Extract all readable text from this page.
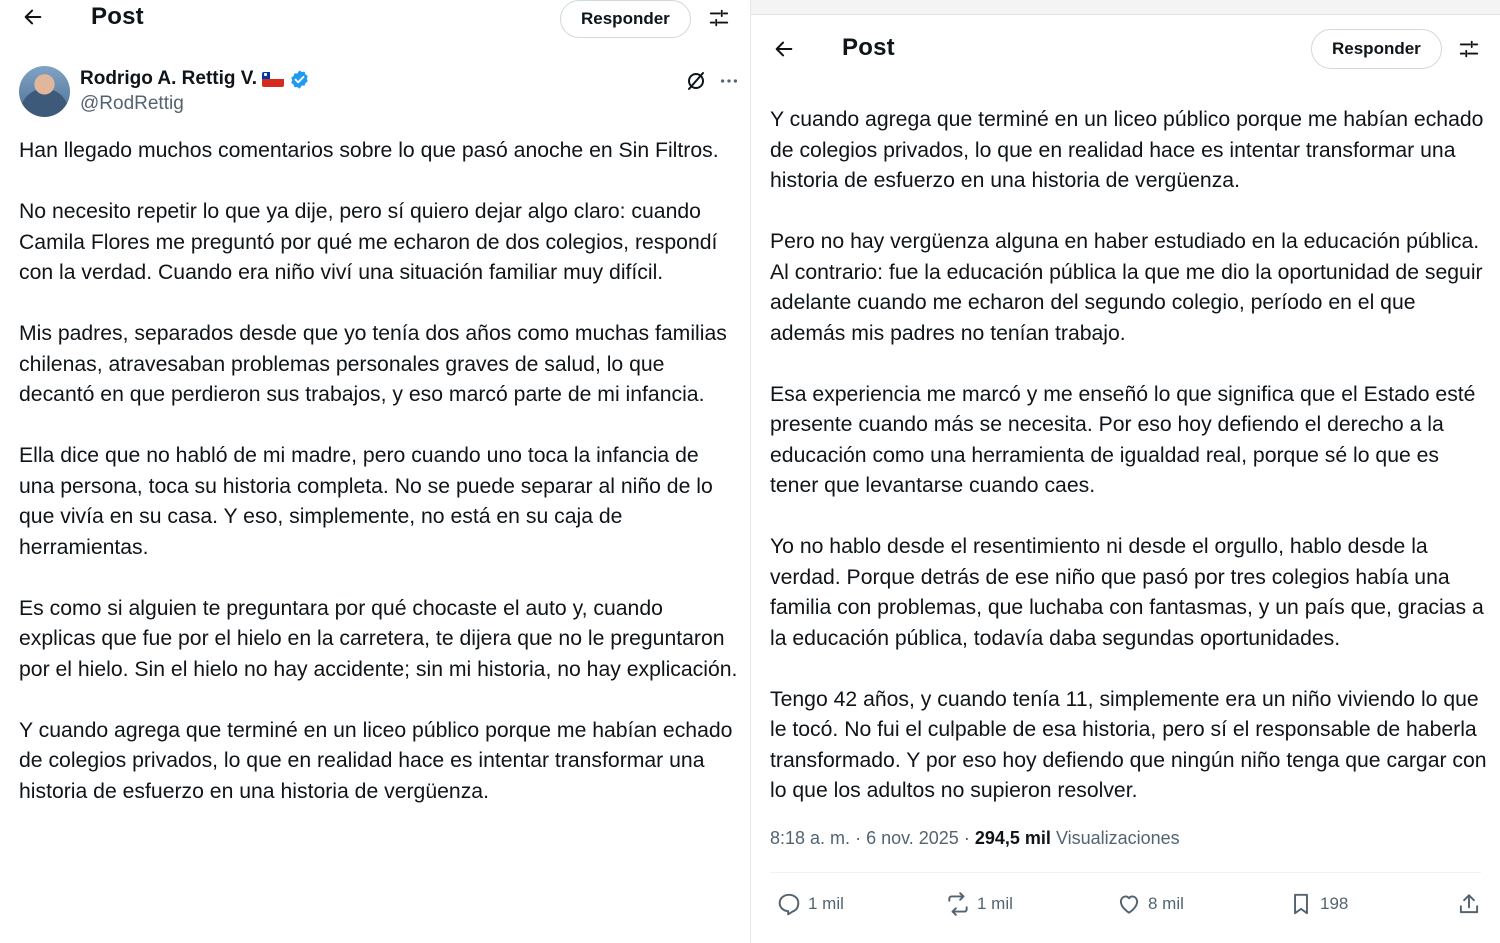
Post	Responder
Rodrigo A. Rettig V.
@RodRettig

Han llegado muchos comentarios sobre lo que pasó anoche en Sin Filtros.

No necesito repetir lo que ya dije, pero sí quiero dejar algo claro: cuando Camila Flores me preguntó por qué me echaron de dos colegios, respondí con la verdad. Cuando era niño viví una situación familiar muy difícil.

Mis padres, separados desde que yo tenía dos años como muchas familias chilenas, atravesaban problemas personales graves de salud, lo que decantó en que perdieron sus trabajos, y eso marcó parte de mi infancia.

Ella dice que no habló de mi madre, pero cuando uno toca la infancia de una persona, toca su historia completa. No se puede separar al niño de lo que vivía en su casa. Y eso, simplemente, no está en su caja de herramientas.

Es como si alguien te preguntara por qué chocaste el auto y, cuando explicas que fue por el hielo en la carretera, te dijera que no le preguntaron por el hielo. Sin el hielo no hay accidente; sin mi historia, no hay explicación.

Y cuando agrega que terminé en un liceo público porque me habían echado de colegios privados, lo que en realidad hace es intentar transformar una historia de esfuerzo en una historia de vergüenza.

Post	Responder

Y cuando agrega que terminé en un liceo público porque me habían echado de colegios privados, lo que en realidad hace es intentar transformar una historia de esfuerzo en una historia de vergüenza.

Pero no hay vergüenza alguna en haber estudiado en la educación pública. Al contrario: fue la educación pública la que me dio la oportunidad de seguir adelante cuando me echaron del segundo colegio, período en el que además mis padres no tenían trabajo.

Esa experiencia me marcó y me enseñó lo que significa que el Estado esté presente cuando más se necesita. Por eso hoy defiendo el derecho a la educación como una herramienta de igualdad real, porque sé lo que es tener que levantarse cuando caes.

Yo no hablo desde el resentimiento ni desde el orgullo, hablo desde la verdad. Porque detrás de ese niño que pasó por tres colegios había una familia con problemas, que luchaba con fantasmas, y un país que, gracias a la educación pública, todavía daba segundas oportunidades.

Tengo 42 años, y cuando tenía 11, simplemente era un niño viviendo lo que le tocó. No fui el culpable de esa historia, pero sí el responsable de haberla transformado. Y por eso hoy defiendo que ningún niño tenga que cargar con lo que los adultos no supieron resolver.

8:18 a. m. · 6 nov. 2025 · 294,5 mil Visualizaciones
1 mil	1 mil	8 mil	198
